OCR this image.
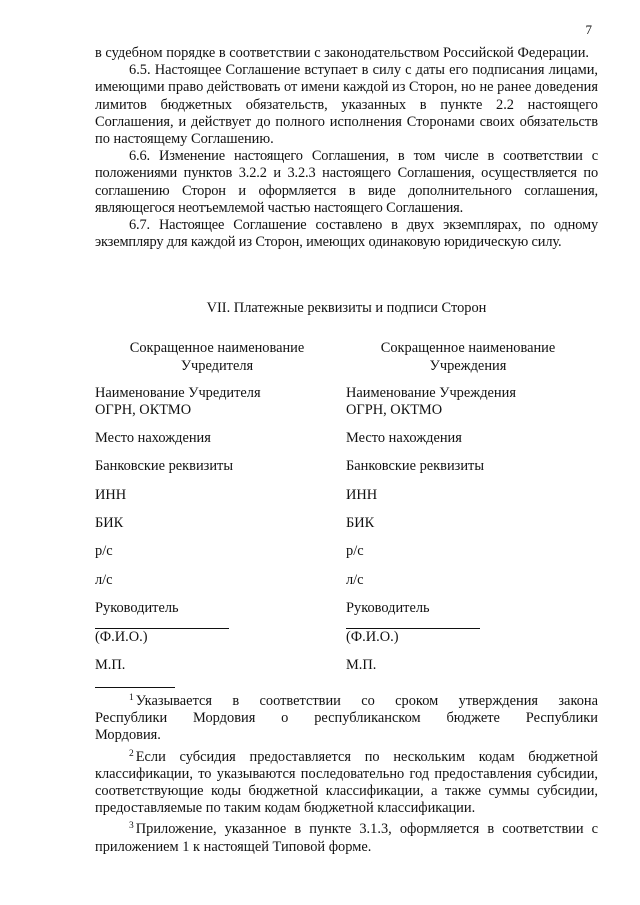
7

в судебном порядке в соответствии с законодательством Российской Федерации.

6.5. Настоящее Соглашение вступает в силу с даты его подписания лицами, имеющими право действовать от имени каждой из Сторон, но не ранее доведения лимитов бюджетных обязательств, указанных в пункте 2.2 настоящего Соглашения, и действует до полного исполнения Сторонами своих обязательств по настоящему Соглашению.

6.6. Изменение настоящего Соглашения, в том числе в соответствии с положениями пунктов 3.2.2 и 3.2.3 настоящего Соглашения, осуществляется по соглашению Сторон и оформляется в виде дополнительного соглашения, являющегося неотъемлемой частью настоящего Соглашения.

6.7. Настоящее Соглашение составлено в двух экземплярах, по одному экземпляру для каждой из Сторон, имеющих одинаковую юридическую силу.

VII. Платежные реквизиты и подписи Сторон
Сокращенное наименование Учредителя
Наименование Учредителя
ОГРН, ОКТМО
Место нахождения
Банковские реквизиты
ИНН
БИК
р/с
л/с
Руководитель
(Ф.И.О.)
М.П.
Сокращенное наименование Учреждения
Наименование Учреждения
ОГРН, ОКТМО
Место нахождения
Банковские реквизиты
ИНН
БИК
р/с
л/с
Руководитель
(Ф.И.О.)
М.П.

$^1$ Указывается в соответствии со сроком утверждения закона Республики Мордовия о республиканском бюджете Республики Мордовия.

$^2$ Если субсидия предоставляется по нескольким кодам бюджетной классификации, то указываются последовательно год предоставления субсидии, соответствующие коды бюджетной классификации, а также суммы субсидии, предоставляемые по таким кодам бюджетной классификации.

$^3$ Приложение, указанное в пункте 3.1.3, оформляется в соответствии с приложением 1 к настоящей Типовой форме.
